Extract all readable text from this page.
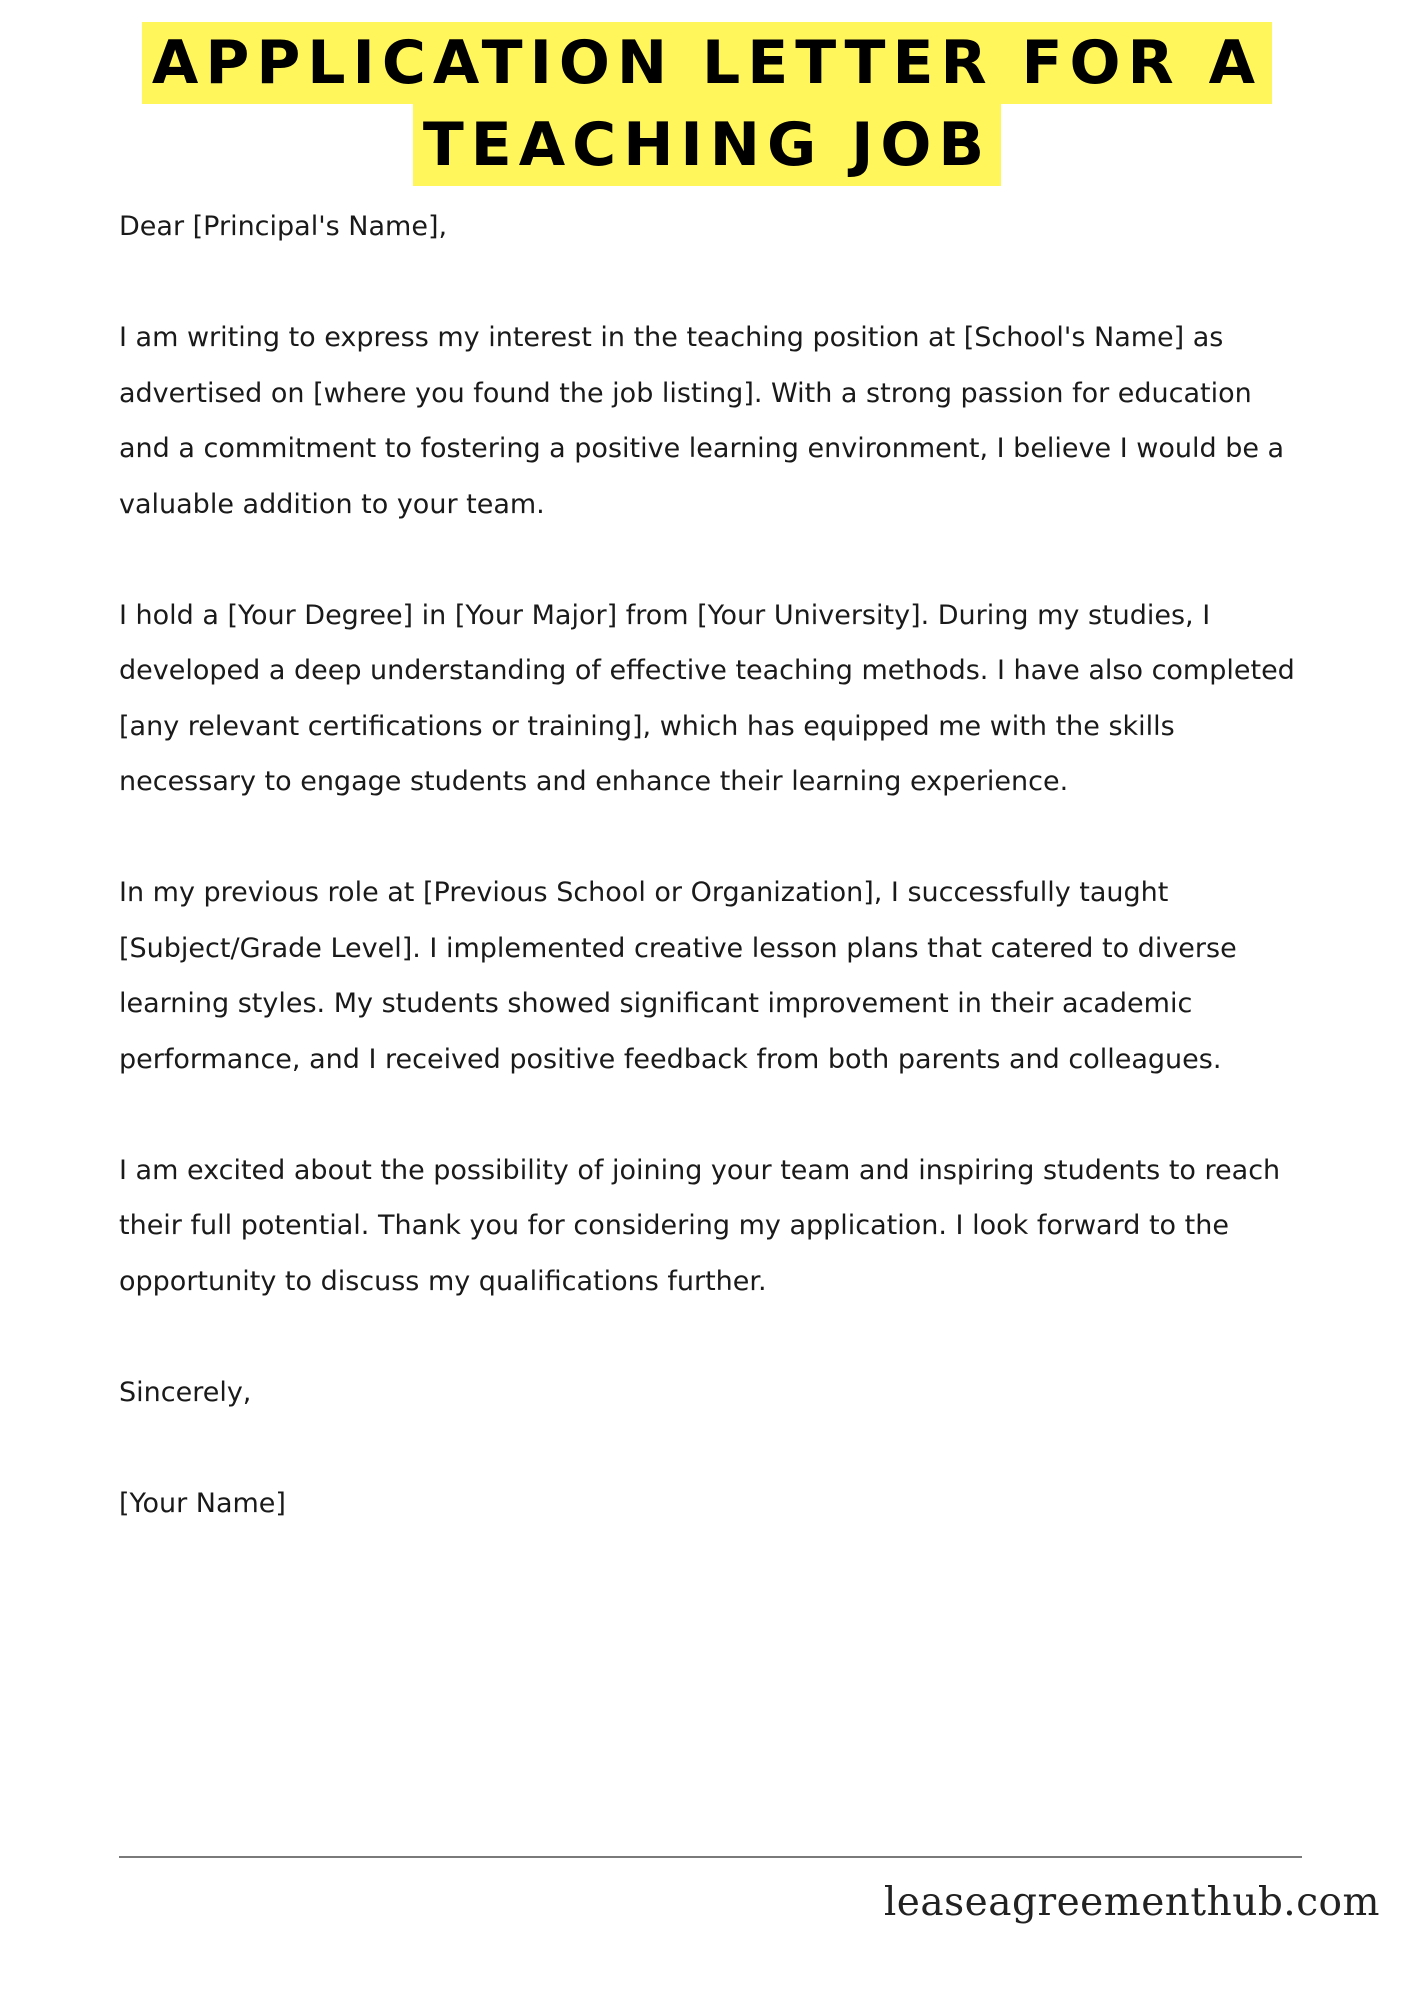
APPLICATION LETTER FOR A
TEACHING JOB

Dear [Principal's Name],

I am writing to express my interest in the teaching position at [School's Name] as advertised on [where you found the job listing]. With a strong passion for education and a commitment to fostering a positive learning environment, I believe I would be a valuable addition to your team.

I hold a [Your Degree] in [Your Major] from [Your University]. During my studies, I developed a deep understanding of effective teaching methods. I have also completed [any relevant certifications or training], which has equipped me with the skills necessary to engage students and enhance their learning experience.

In my previous role at [Previous School or Organization], I successfully taught [Subject/Grade Level]. I implemented creative lesson plans that catered to diverse learning styles. My students showed significant improvement in their academic performance, and I received positive feedback from both parents and colleagues.

I am excited about the possibility of joining your team and inspiring students to reach their full potential. Thank you for considering my application. I look forward to the opportunity to discuss my qualifications further.

Sincerely,

[Your Name]

leaseagreementhub.com
